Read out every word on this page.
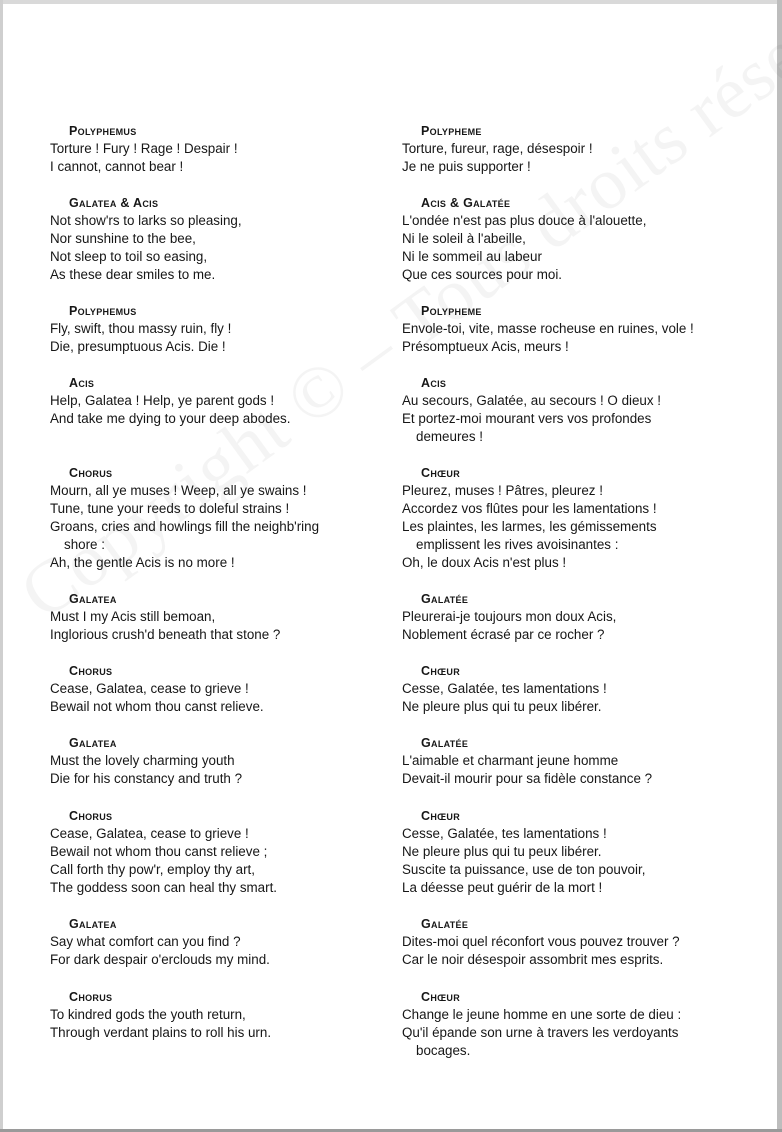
Polyphemus
Torture ! Fury ! Rage ! Despair !
I cannot, cannot bear !
Galatea & Acis
Not show'rs to larks so pleasing,
Nor sunshine to the bee,
Not sleep to toil so easing,
As these dear smiles to me.
Polyphemus
Fly, swift, thou massy ruin, fly !
Die, presumptuous Acis. Die !
Acis
Help, Galatea ! Help, ye parent gods !
And take me dying to your deep abodes.
Chorus
Mourn, all ye muses ! Weep, all ye swains !
Tune, tune your reeds to doleful strains !
Groans, cries and howlings fill the neighb'ring
shore :
Ah, the gentle Acis is no more !
Galatea
Must I my Acis still bemoan,
Inglorious crush'd beneath that stone ?
Chorus
Cease, Galatea, cease to grieve !
Bewail not whom thou canst relieve.
Galatea
Must the lovely charming youth
Die for his constancy and truth ?
Chorus
Cease, Galatea, cease to grieve !
Bewail not whom thou canst relieve ;
Call forth thy pow'r, employ thy art,
The goddess soon can heal thy smart.
Galatea
Say what comfort can you find ?
For dark despair o'erclouds my mind.
Chorus
To kindred gods the youth return,
Through verdant plains to roll his urn.
Polypheme
Torture, fureur, rage, désespoir !
Je ne puis supporter !
Acis & Galatée
L'ondée n'est pas plus douce à l'alouette,
Ni le soleil à l'abeille,
Ni le sommeil au labeur
Que ces sources pour moi.
Polypheme
Envole-toi, vite, masse rocheuse en ruines, vole !
Présomptueux Acis, meurs !
Acis
Au secours, Galatée, au secours ! O dieux !
Et portez-moi mourant vers vos profondes
demeures !
Chœur
Pleurez, muses ! Pâtres, pleurez !
Accordez vos flûtes pour les lamentations !
Les plaintes, les larmes, les gémissements
emplissent les rives avoisinantes :
Oh, le doux Acis n'est plus !
Galatée
Pleurerai-je toujours mon doux Acis,
Noblement écrasé par ce rocher ?
Chœur
Cesse, Galatée, tes lamentations !
Ne pleure plus qui tu peux libérer.
Galatée
L'aimable et charmant jeune homme
Devait-il mourir pour sa fidèle constance ?
Chœur
Cesse, Galatée, tes lamentations !
Ne pleure plus qui tu peux libérer.
Suscite ta puissance, use de ton pouvoir,
La déesse peut guérir de la mort !
Galatée
Dites-moi quel réconfort vous pouvez trouver ?
Car le noir désespoir assombrit mes esprits.
Chœur
Change le jeune homme en une sorte de dieu :
Qu'il épande son urne à travers les verdoyants
bocages.
